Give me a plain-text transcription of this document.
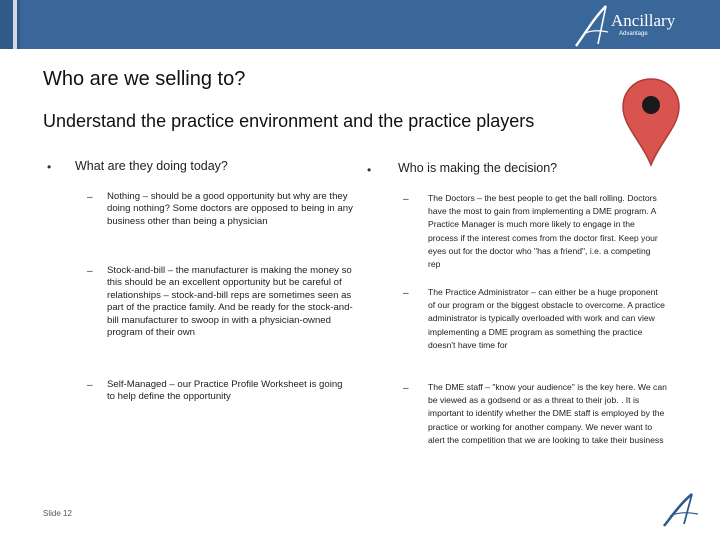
Ancillary
Advantage
Who are we selling to?
Understand the practice environment and the practice players
• What are they doing today?
– Nothing – should be a good opportunity but why are they doing nothing? Some doctors are opposed to being in any business other than being a physician
– Stock-and-bill – the manufacturer is making the money so this should be an excellent opportunity but be careful of relationships – stock-and-bill reps are sometimes seen as part of the practice family. And be ready for the stock-and-bill manufacturer to swoop in with a physician-owned program of their own
– Self-Managed – our Practice Profile Worksheet is going to help define the opportunity
• Who is making the decision?
– The Doctors – the best people to get the ball rolling. Doctors have the most to gain from implementing a DME program. A Practice Manager is much more likely to engage in the process if the interest comes from the doctor first. Keep your eyes out for the doctor who "has a friend", i.e. a competing rep
– The Practice Administrator – can either be a huge proponent of our program or the biggest obstacle to overcome. A practice administrator is typically overloaded with work and can view implementing a DME program as something the practice doesn't have time for
– The DME staff – "know your audience" is the key here. We can be viewed as a godsend or as a threat to their job. . It is important to identify whether the DME staff is employed by the practice or working for another company. We never want to alert the competition that we are looking to take their business
Slide 12
